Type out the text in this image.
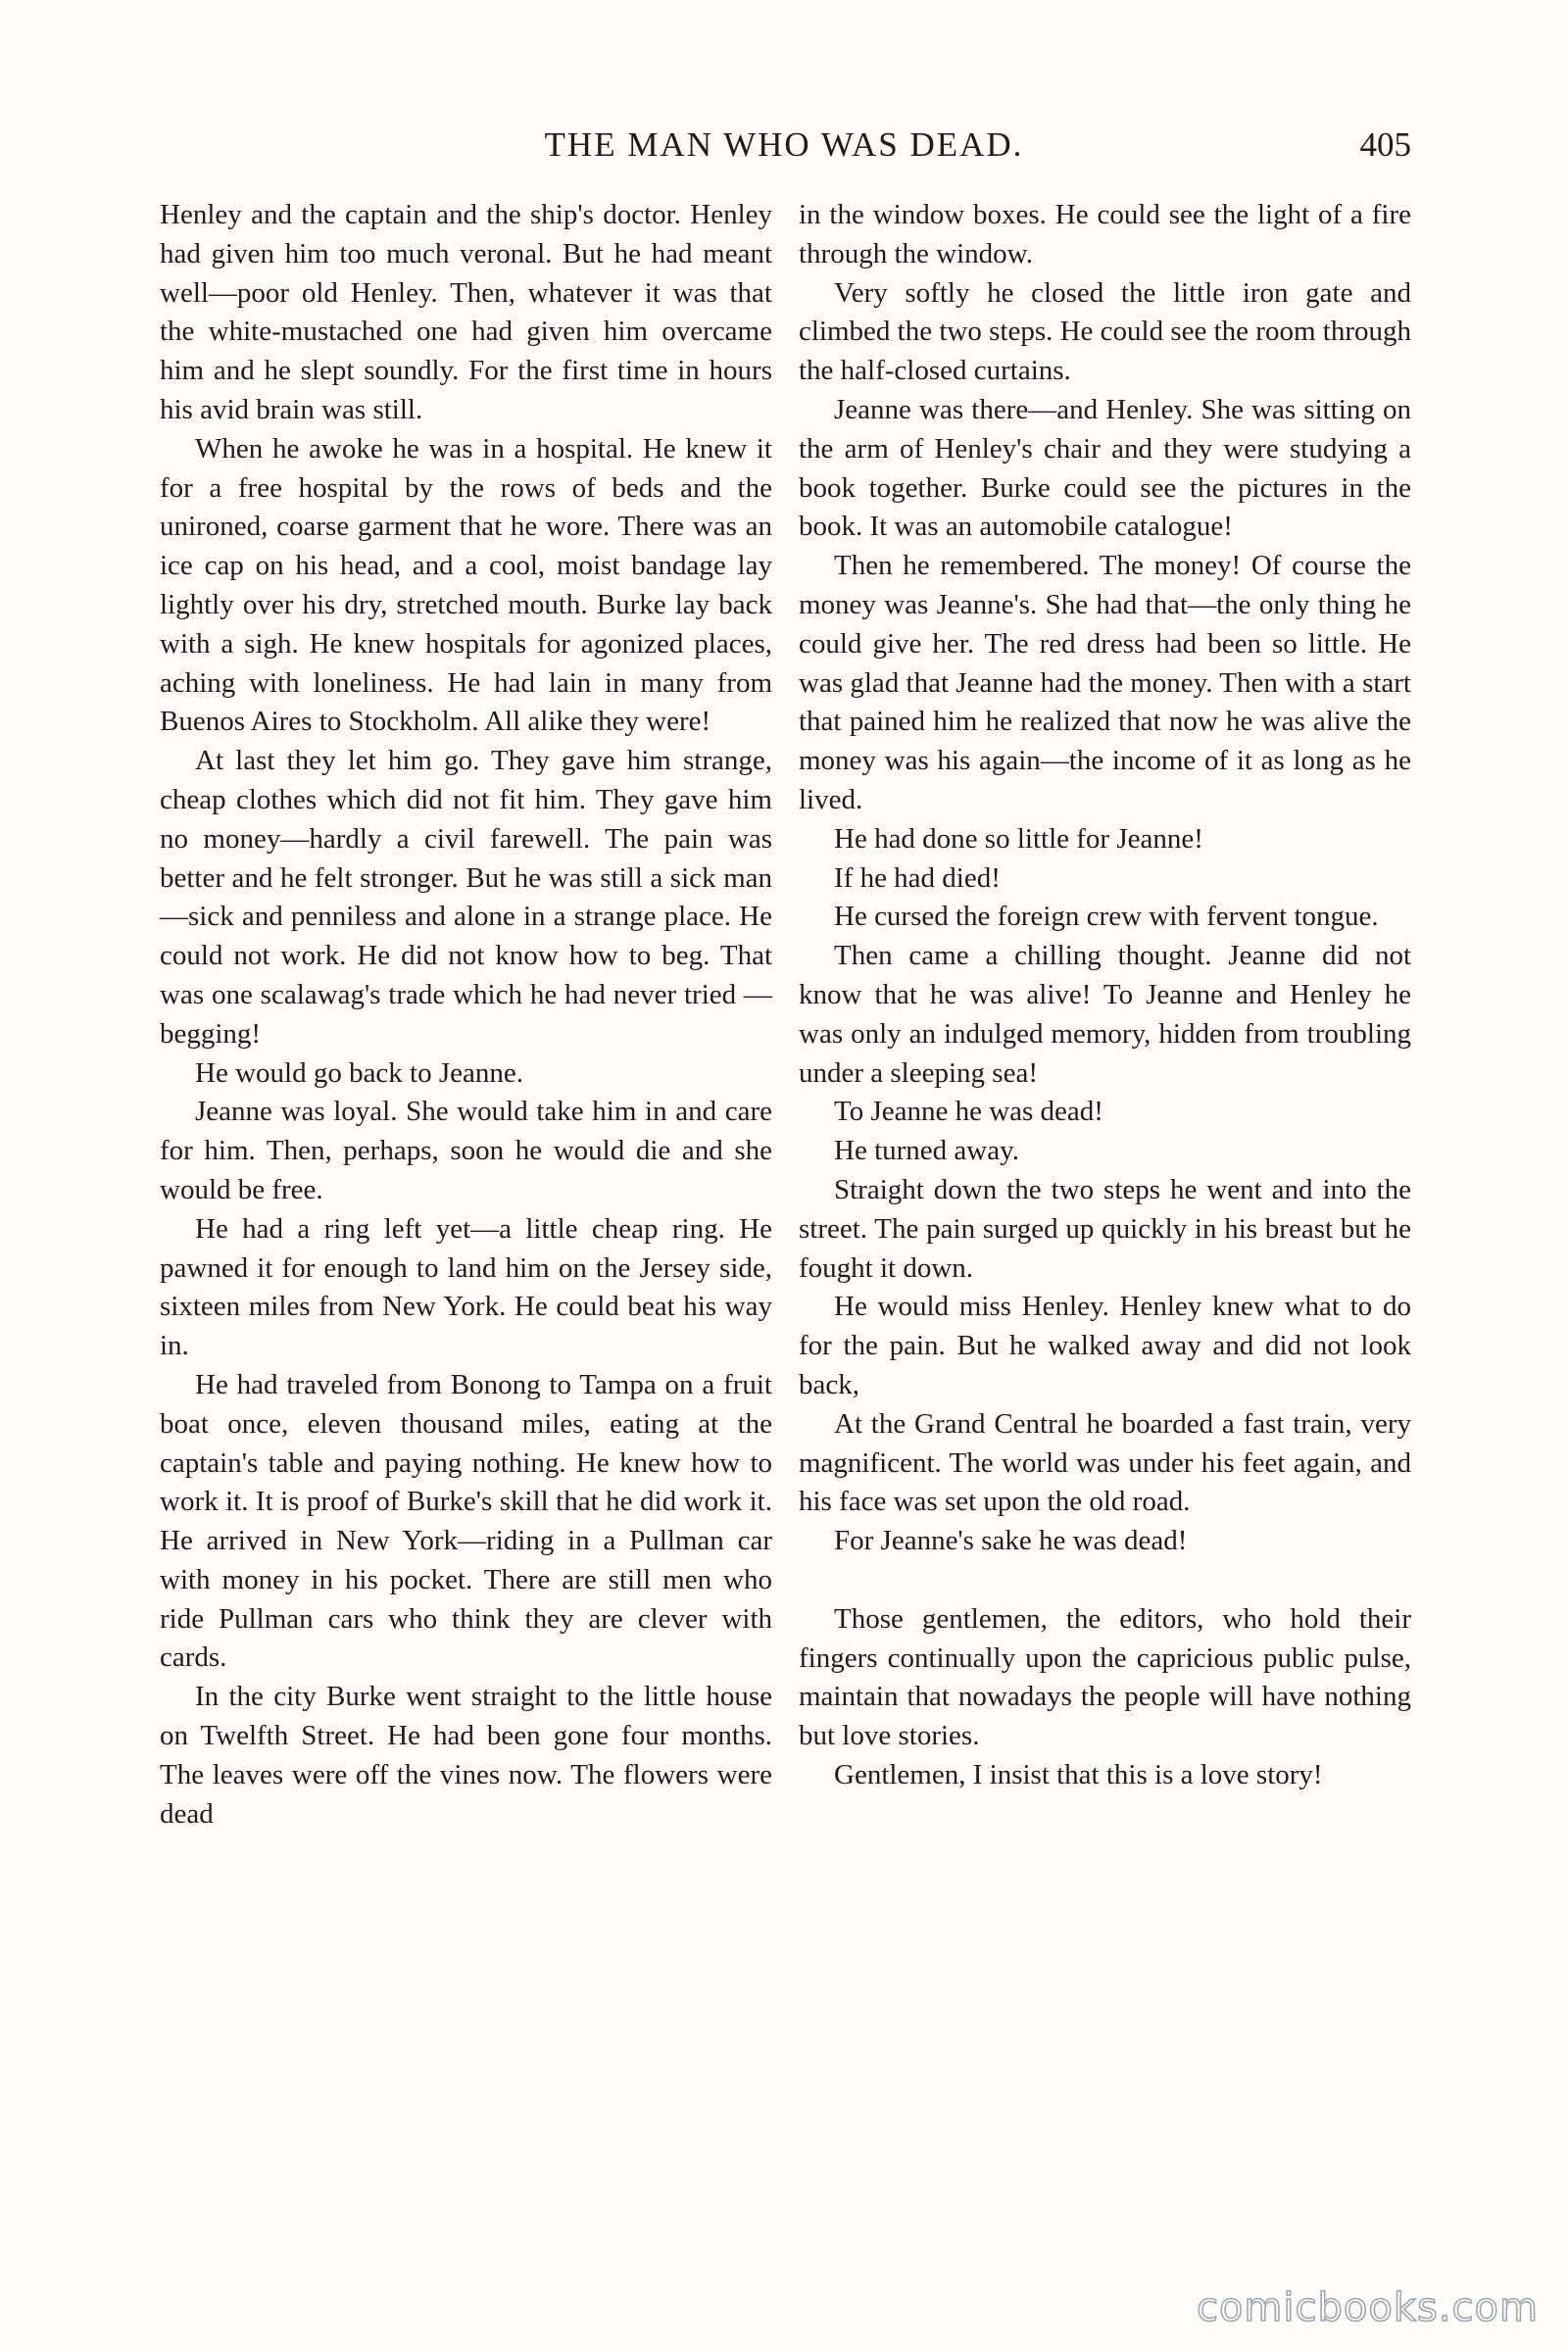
THE MAN WHO WAS DEAD.	405

Henley and the captain and the ship's doctor. Henley had given him too much veronal. But he had meant well—poor old Henley. Then, whatever it was that the white-mustached one had given him overcame him and he slept soundly. For the first time in hours his avid brain was still.

When he awoke he was in a hospital. He knew it for a free hospital by the rows of beds and the unironed, coarse garment that he wore. There was an ice cap on his head, and a cool, moist bandage lay lightly over his dry, stretched mouth. Burke lay back with a sigh. He knew hospitals for agonized places, aching with loneliness. He had lain in many from Buenos Aires to Stockholm. All alike they were!

At last they let him go. They gave him strange, cheap clothes which did not fit him. They gave him no money—hardly a civil farewell. The pain was better and he felt stronger. But he was still a sick man—sick and penniless and alone in a strange place. He could not work. He did not know how to beg. That was one scalawag's trade which he had never tried —begging!

He would go back to Jeanne.

Jeanne was loyal. She would take him in and care for him. Then, perhaps, soon he would die and she would be free.

He had a ring left yet—a little cheap ring. He pawned it for enough to land him on the Jersey side, sixteen miles from New York. He could beat his way in.

He had traveled from Bonong to Tampa on a fruit boat once, eleven thousand miles, eating at the captain's table and paying nothing. He knew how to work it. It is proof of Burke's skill that he did work it. He arrived in New York—riding in a Pullman car with money in his pocket. There are still men who ride Pullman cars who think they are clever with cards.

In the city Burke went straight to the little house on Twelfth Street. He had been gone four months. The leaves were off the vines now. The flowers were dead

in the window boxes. He could see the light of a fire through the window.

Very softly he closed the little iron gate and climbed the two steps. He could see the room through the half-closed curtains.

Jeanne was there—and Henley. She was sitting on the arm of Henley's chair and they were studying a book together. Burke could see the pictures in the book. It was an automobile catalogue!

Then he remembered. The money! Of course the money was Jeanne's. She had that—the only thing he could give her. The red dress had been so little. He was glad that Jeanne had the money. Then with a start that pained him he realized that now he was alive the money was his again—the income of it as long as he lived.

He had done so little for Jeanne!

If he had died!

He cursed the foreign crew with fervent tongue.

Then came a chilling thought. Jeanne did not know that he was alive! To Jeanne and Henley he was only an indulged memory, hidden from troubling under a sleeping sea!

To Jeanne he was dead!

He turned away.

Straight down the two steps he went and into the street. The pain surged up quickly in his breast but he fought it down.

He would miss Henley. Henley knew what to do for the pain. But he walked away and did not look back,

At the Grand Central he boarded a fast train, very magnificent. The world was under his feet again, and his face was set upon the old road.

For Jeanne's sake he was dead!

Those gentlemen, the editors, who hold their fingers continually upon the capricious public pulse, maintain that nowadays the people will have nothing but love stories.

Gentlemen, I insist that this is a love story!

comicbooks.com
